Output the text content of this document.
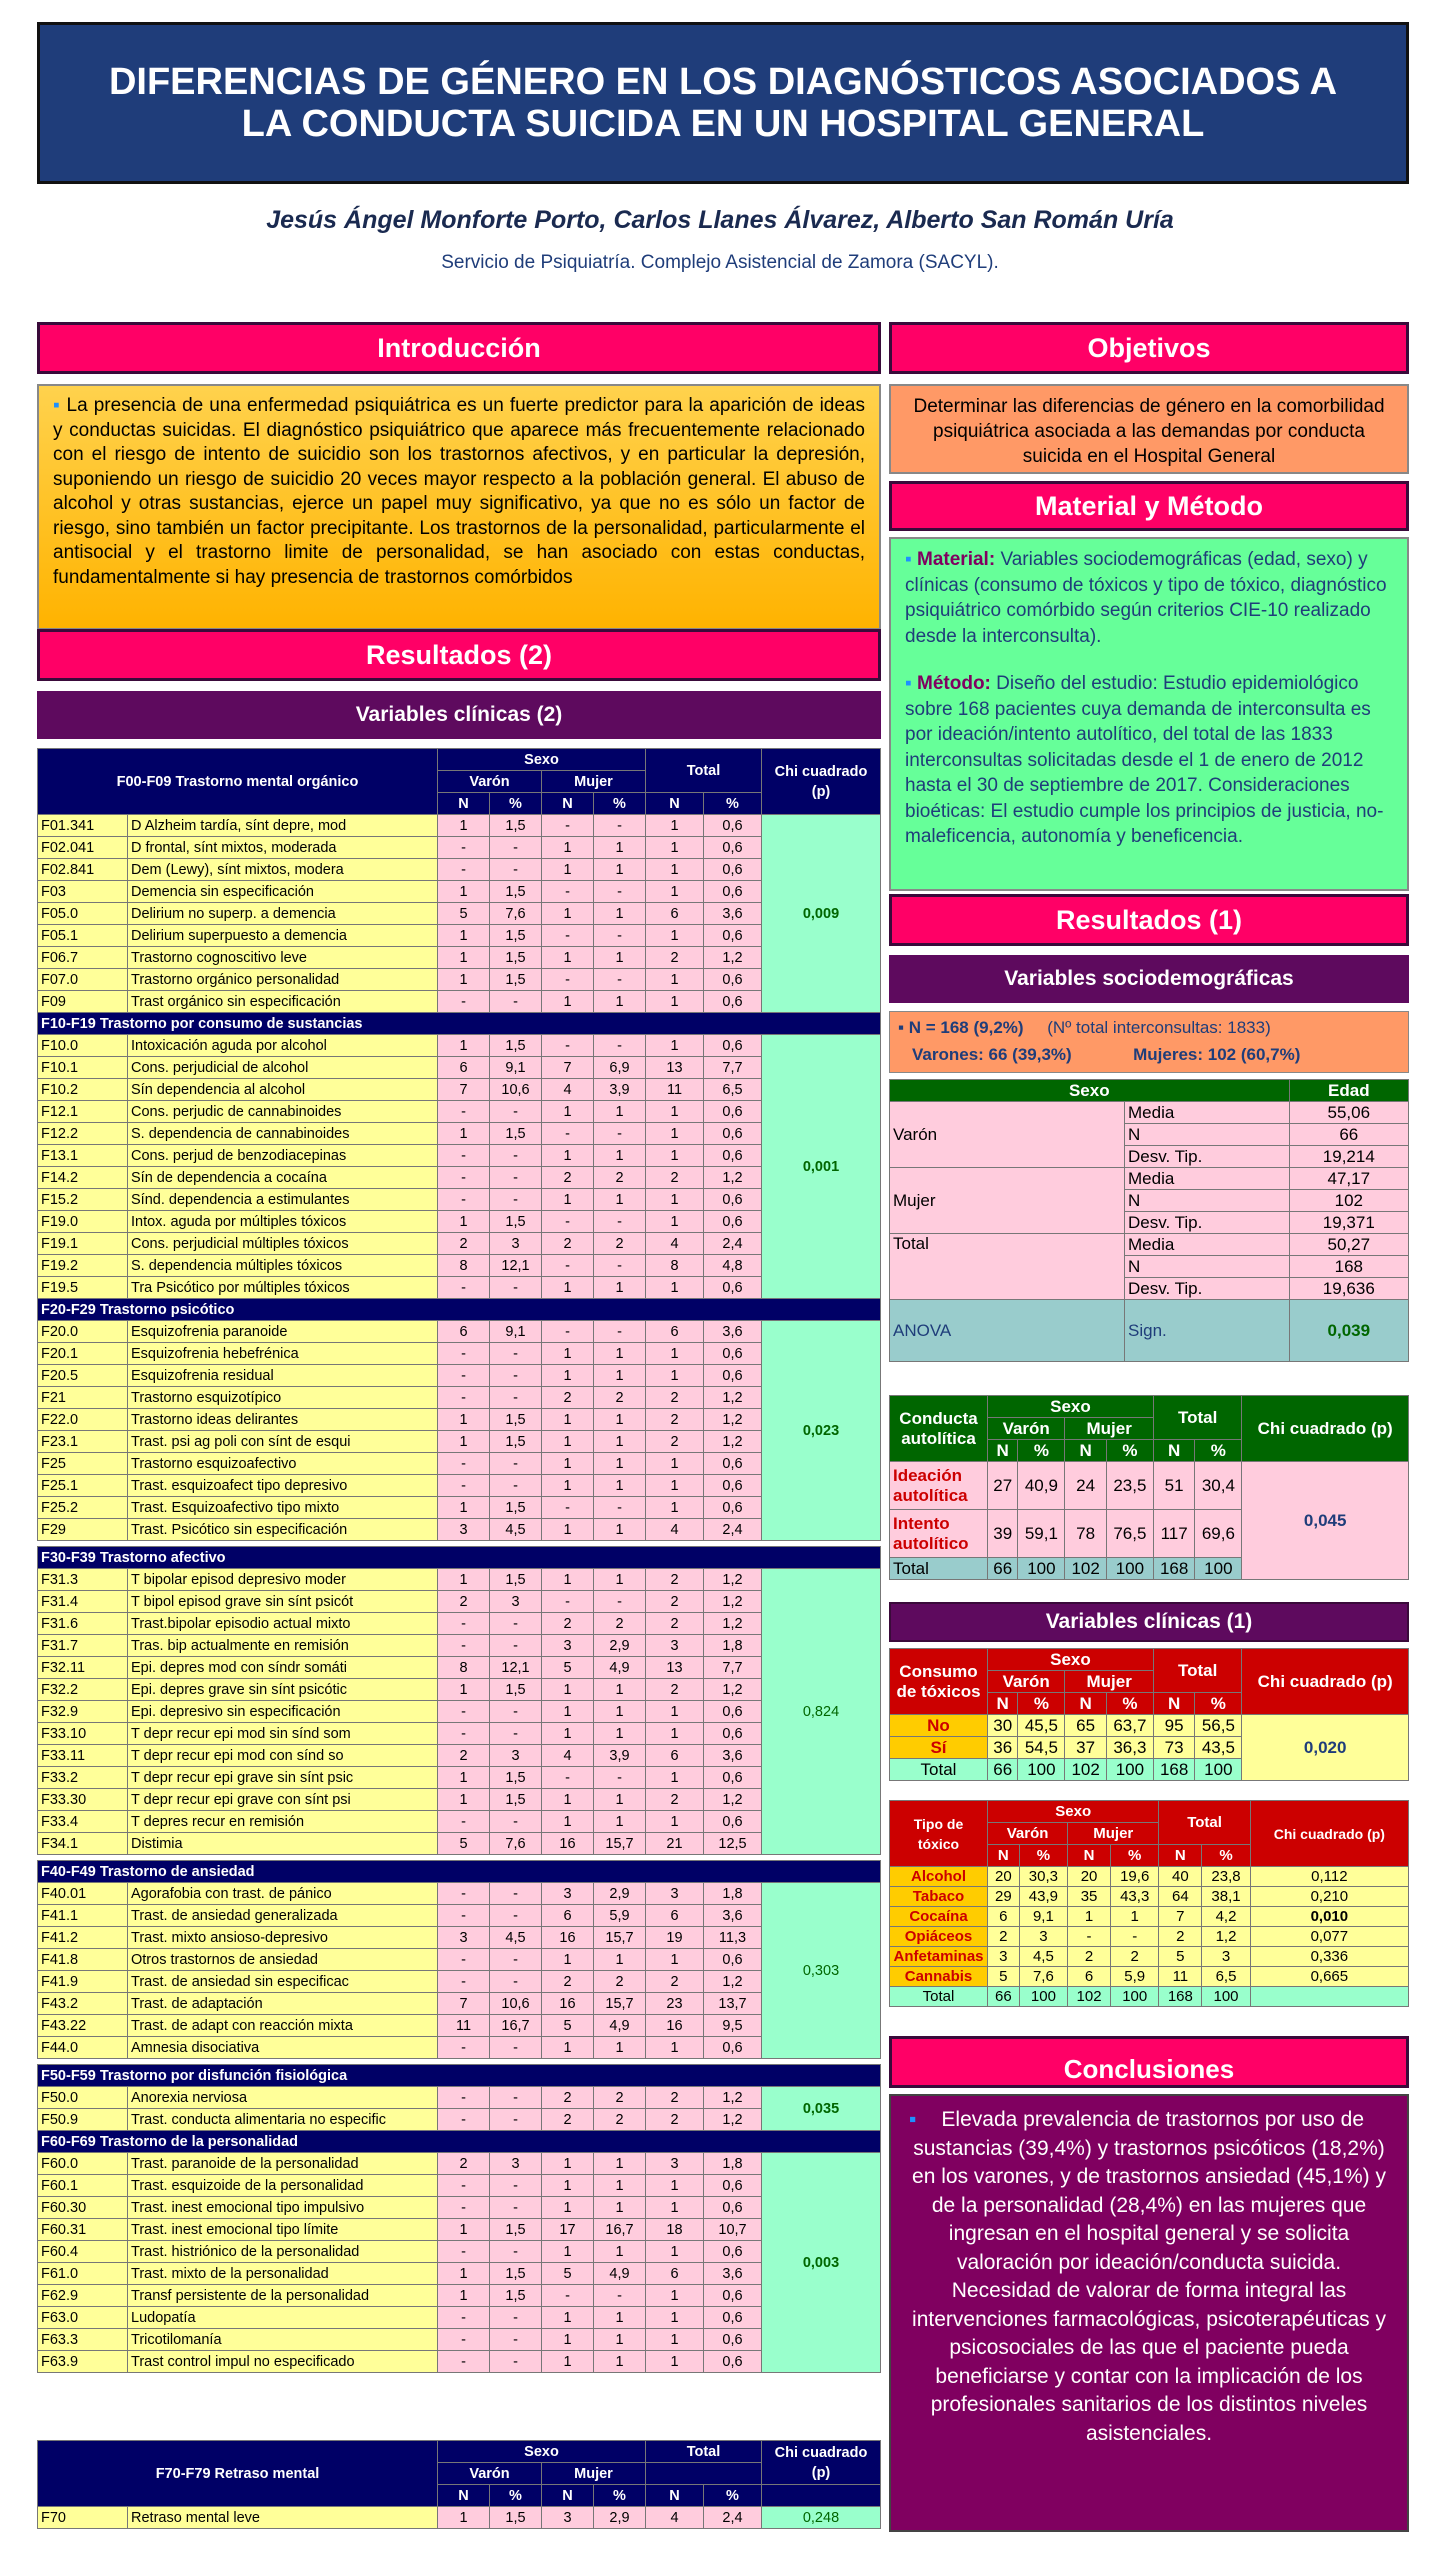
DIFERENCIAS DE GÉNERO EN LOS DIAGNÓSTICOS ASOCIADOS A LA CONDUCTA SUICIDA EN UN HOSPITAL GENERAL
Jesús Ángel Monforte Porto, Carlos Llanes Álvarez, Alberto San Román Uría
Servicio de Psiquiatría. Complejo Asistencial de Zamora (SACYL).
Introducción
▪ La presencia de una enfermedad psiquiátrica es un fuerte predictor para la aparición de ideas y conductas suicidas. El diagnóstico psiquiátrico que aparece más frecuentemente relacionado con el riesgo de intento de suicidio son los trastornos afectivos, y en particular la depresión, suponiendo un riesgo de suicidio 20 veces mayor respecto a la población general. El abuso de alcohol y otras sustancias, ejerce un papel muy significativo, ya que no es sólo un factor de riesgo, sino también un factor precipitante. Los trastornos de la personalidad, particularmente el antisocial y el trastorno limite de personalidad, se han asociado con estas conductas, fundamentalmente si hay presencia de trastornos comórbidos
Resultados (2)
Variables clínicas (2)
F00-F09 Trastorno mental orgánico		Sexo				Total		Chi cuadrado (p)
		Varón		Mujer				
		N	%	N	%	N	%	
F01.341	D Alzheim tardía, sínt depre, mod	1	1,5	-	-	1	0,6	0,009
F02.041	D frontal, sínt mixtos, moderada	-	-	1	1	1	0,6	
F02.841	Dem (Lewy), sínt mixtos, modera	-	-	1	1	1	0,6	
F03	Demencia sin especificación	1	1,5	-	-	1	0,6	
F05.0	Delirium no superp. a demencia	5	7,6	1	1	6	3,6	
F05.1	Delirium superpuesto a demencia	1	1,5	-	-	1	0,6	
F06.7	Trastorno cognoscitivo leve	1	1,5	1	1	2	1,2	
F07.0	Trastorno orgánico personalidad	1	1,5	-	-	1	0,6	
F09	Trast orgánico sin especificación	-	-	1	1	1	0,6	
F10-F19 Trastorno por consumo de sustancias								
F10.0	Intoxicación aguda por alcohol	1	1,5	-	-	1	0,6	0,001
F10.1	Cons. perjudicial de alcohol	6	9,1	7	6,9	13	7,7	
F10.2	Sín dependencia al alcohol	7	10,6	4	3,9	11	6,5	
F12.1	Cons. perjudic de cannabinoides	-	-	1	1	1	0,6	
F12.2	S. dependencia de cannabinoides	1	1,5	-	-	1	0,6	
F13.1	Cons. perjud de benzodiacepinas	-	-	1	1	1	0,6	
F14.2	Sín de dependencia a cocaína	-	-	2	2	2	1,2	
F15.2	Sínd. dependencia a estimulantes	-	-	1	1	1	0,6	
F19.0	Intox. aguda por múltiples tóxicos	1	1,5	-	-	1	0,6	
F19.1	Cons. perjudicial múltiples tóxicos	2	3	2	2	4	2,4	
F19.2	S. dependencia múltiples tóxicos	8	12,1	-	-	8	4,8	
F19.5	Tra Psicótico por múltiples tóxicos	-	-	1	1	1	0,6	
F20-F29 Trastorno psicótico								
F20.0	Esquizofrenia paranoide	6	9,1	-	-	6	3,6	0,023
F20.1	Esquizofrenia hebefrénica	-	-	1	1	1	0,6	
F20.5	Esquizofrenia residual	-	-	1	1	1	0,6	
F21	Trastorno esquizotípico	-	-	2	2	2	1,2	
F22.0	Trastorno ideas delirantes	1	1,5	1	1	2	1,2	
F23.1	Trast. psi ag poli con sínt de esqui	1	1,5	1	1	2	1,2	
F25	Trastorno esquizoafectivo	-	-	1	1	1	0,6	
F25.1	Trast. esquizoafect tipo depresivo	-	-	1	1	1	0,6	
F25.2	Trast. Esquizoafectivo tipo mixto	1	1,5	-	-	1	0,6	
F29	Trast. Psicótico sin especificación	3	4,5	1	1	4	2,4	

F30-F39 Trastorno afectivo								
F31.3	T bipolar episod depresivo moder	1	1,5	1	1	2	1,2	0,824
F31.4	T bipol episod grave sin sínt psicót	2	3	-	-	2	1,2	
F31.6	Trast.bipolar episodio actual mixto	-	-	2	2	2	1,2	
F31.7	Tras. bip actualmente en remisión	-	-	3	2,9	3	1,8	
F32.11	Epi. depres mod con síndr somáti	8	12,1	5	4,9	13	7,7	
F32.2	Epi. depres grave sin sínt psicótic	1	1,5	1	1	2	1,2	
F32.9	Epi. depresivo sin especificación	-	-	1	1	1	0,6	
F33.10	T depr recur epi mod sin sínd som	-	-	1	1	1	0,6	
F33.11	T depr recur epi mod con sínd so	2	3	4	3,9	6	3,6	
F33.2	T depr recur epi grave sin sínt psic	1	1,5	-	-	1	0,6	
F33.30	T depr recur epi grave con sínt psi	1	1,5	1	1	2	1,2	
F33.4	T depres recur en remisión	-	-	1	1	1	0,6	
F34.1	Distimia	5	7,6	16	15,7	21	12,5	

F40-F49 Trastorno de ansiedad								
F40.01	Agorafobia con trast. de pánico	-	-	3	2,9	3	1,8	0,303
F41.1	Trast. de ansiedad generalizada	-	-	6	5,9	6	3,6	
F41.2	Trast. mixto ansioso-depresivo	3	4,5	16	15,7	19	11,3	
F41.8	Otros trastornos de ansiedad	-	-	1	1	1	0,6	
F41.9	Trast. de ansiedad sin especificac	-	-	2	2	2	1,2	
F43.2	Trast. de adaptación	7	10,6	16	15,7	23	13,7	
F43.22	Trast. de adapt con reacción mixta	11	16,7	5	4,9	16	9,5	
F44.0	Amnesia disociativa	-	-	1	1	1	0,6	

F50-F59 Trastorno por disfunción fisiológica								
F50.0	Anorexia nerviosa	-	-	2	2	2	1,2	0,035
F50.9	Trast. conducta alimentaria no especific	-	-	2	2	2	1,2	
F60-F69 Trastorno de la personalidad								
F60.0	Trast. paranoide de la personalidad	2	3	1	1	3	1,8	0,003
F60.1	Trast. esquizoide de la personalidad	-	-	1	1	1	0,6	
F60.30	Trast. inest emocional tipo impulsivo	-	-	1	1	1	0,6	
F60.31	Trast. inest emocional tipo límite	1	1,5	17	16,7	18	10,7	
F60.4	Trast. histriónico de la personalidad	-	-	1	1	1	0,6	
F61.0	Trast. mixto de la personalidad	1	1,5	5	4,9	6	3,6	
F62.9	Transf persistente de la personalidad	1	1,5	-	-	1	0,6	
F63.0	Ludopatía	-	-	1	1	1	0,6	
F63.3	Tricotilomanía	-	-	1	1	1	0,6	
F63.9	Trast control impul no especificado	-	-	1	1	1	0,6	
F70-F79 Retraso mental		Sexo				Total		Chi cuadrado (p)
		Varón		Mujer				
		N	%	N	%	N	%	
F70	Retraso mental leve	1	1,5	3	2,9	4	2,4	0,248
Objetivos
Determinar las diferencias de género en la comorbilidad psiquiátrica asociada a las demandas por conducta suicida en el Hospital General
Material y Método
▪ Material: Variables sociodemográficas (edad, sexo) y clínicas (consumo de tóxicos y tipo de tóxico, diagnóstico psiquiátrico comórbido según criterios CIE-10 realizado desde la interconsulta).
▪ Método: Diseño del estudio: Estudio epidemiológico sobre 168 pacientes cuya demanda de interconsulta es por ideación/intento autolítico, del total de las 1833 interconsultas solicitadas desde el 1 de enero de 2012 hasta el 30 de septiembre de 2017. Consideraciones bioéticas: El estudio cumple los principios de justicia, no-maleficencia, autonomía y beneficencia.
Resultados (1)
Variables sociodemográficas
▪ N = 168 (9,2%) (Nº total interconsultas: 1833)
Varones: 66 (39,3%)	Mujeres: 102 (60,7%)
Sexo		Edad
Varón	Media	55,06
	N	66
	Desv. Tip.	19,214
Mujer	Media	47,17
	N	102
	Desv. Tip.	19,371
Total	Media	50,27
	N	168
	Desv. Tip.	19,636
ANOVA	Sign.	0,039
Conducta autolítica	Sexo				Total		Chi cuadrado (p)
	Varón		Mujer				
	N	%	N	%	N	%	
Ideación autolítica	27	40,9	24	23,5	51	30,4	0,045
Intento autolítico	39	59,1	78	76,5	117	69,6	
Total	66	100	102	100	168	100	
Variables clínicas (1)
Consumo de tóxicos	Sexo				Total		Chi cuadrado (p)
	Varón		Mujer				
	N	%	N	%	N	%	
No	30	45,5	65	63,7	95	56,5	0,020
Sí	36	54,5	37	36,3	73	43,5	
Total	66	100	102	100	168	100	
Tipo de tóxico	Sexo				Total		Chi cuadrado (p)
	Varón		Mujer				
	N	%	N	%	N	%	
Alcohol	20	30,3	20	19,6	40	23,8	0,112
Tabaco	29	43,9	35	43,3	64	38,1	0,210
Cocaína	6	9,1	1	1	7	4,2	0,010
Opiáceos	2	3	-	-	2	1,2	0,077
Anfetaminas	3	4,5	2	2	5	3	0,336
Cannabis	5	7,6	6	5,9	11	6,5	0,665
Total	66	100	102	100	168	100	
Conclusiones
▪ Elevada prevalencia de trastornos por uso de sustancias (39,4%) y trastornos psicóticos (18,2%) en los varones, y de trastornos ansiedad (45,1%) y de la personalidad (28,4%) en las mujeres que ingresan en el hospital general y se solicita valoración por ideación/conducta suicida. Necesidad de valorar de forma integral las intervenciones farmacológicas, psicoterapéuticas y psicosociales de las que el paciente pueda beneficiarse y contar con la implicación de los profesionales sanitarios de los distintos niveles asistenciales.
